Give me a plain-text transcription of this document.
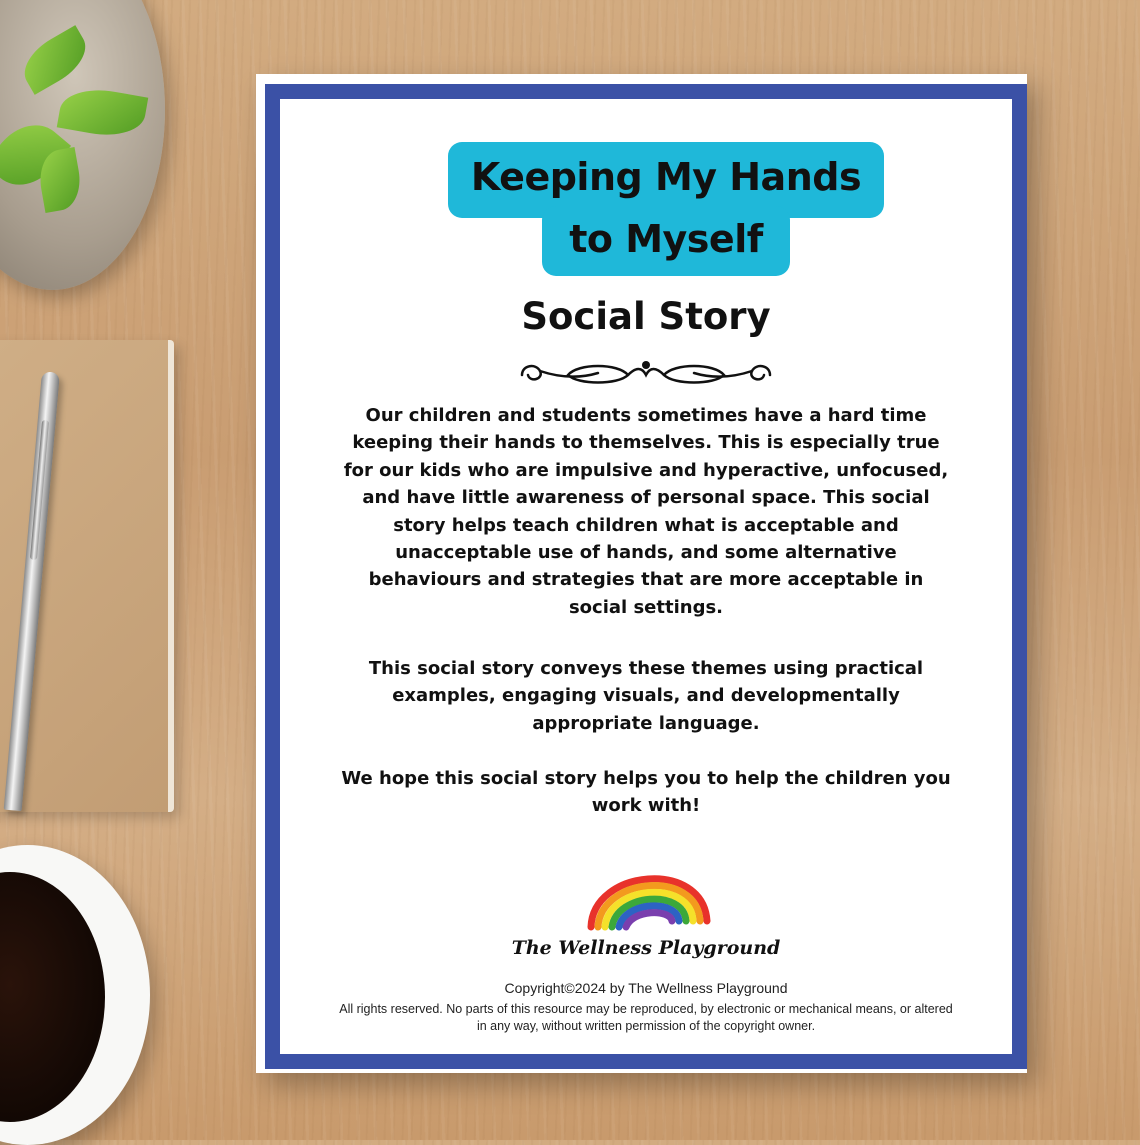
Keeping My Hands
to Myself
Social Story

Our children and students sometimes have a hard time keeping their hands to themselves. This is especially true for our kids who are impulsive and hyperactive, unfocused, and have little awareness of personal space. This social story helps teach children what is acceptable and unacceptable use of hands, and some alternative behaviours and strategies that are more acceptable in social settings.

This social story conveys these themes using practical examples, engaging visuals, and developmentally appropriate language.

We hope this social story helps you to help the children you work with!

The Wellness Playground
Copyright©2024 by The Wellness Playground

All rights reserved. No parts of this resource may be reproduced, by electronic or mechanical means, or altered in any way, without written permission of the copyright owner.
